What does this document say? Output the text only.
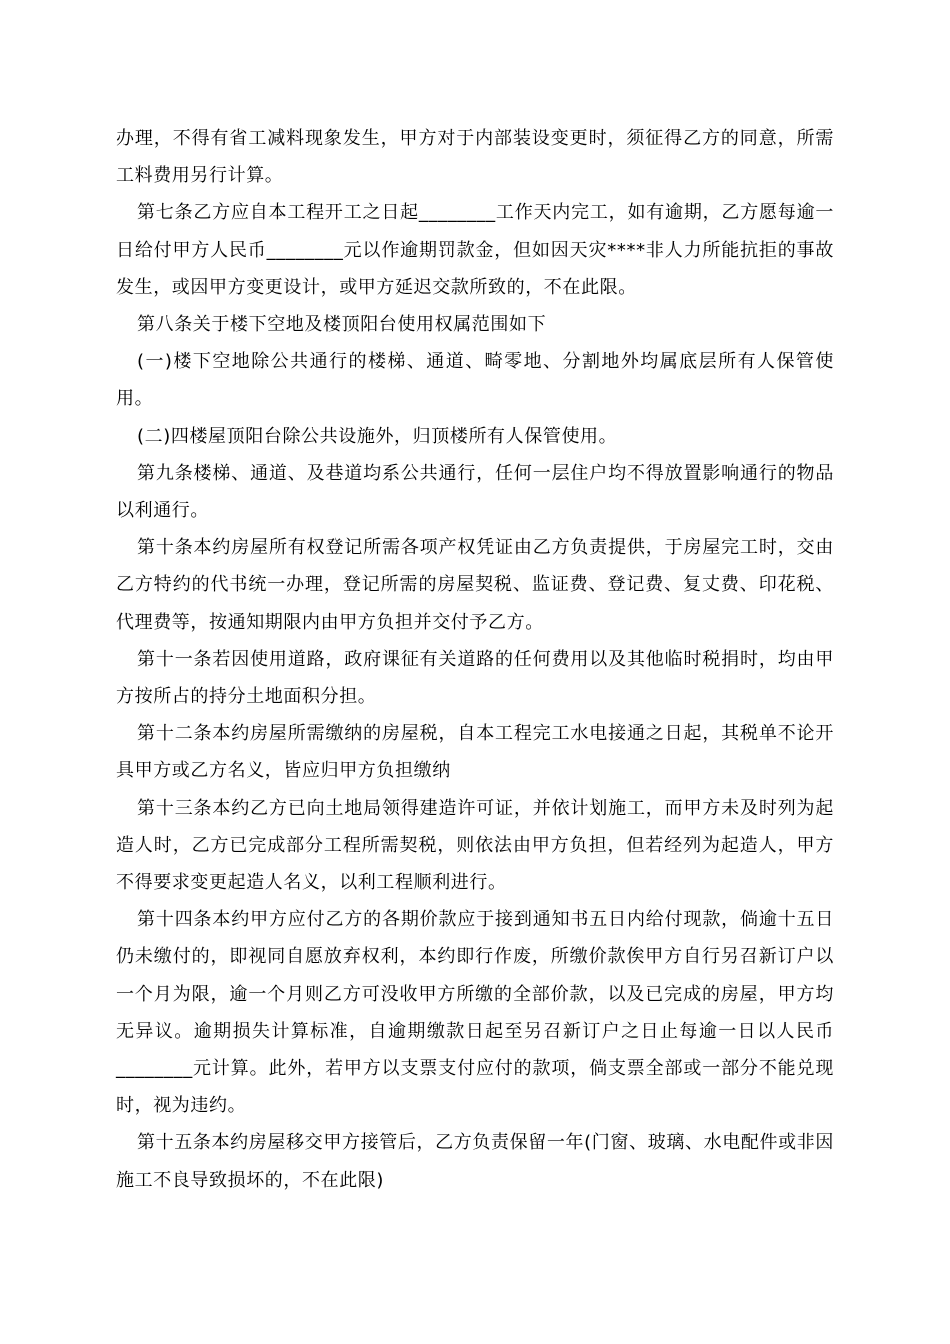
办理，不得有省工减料现象发生，甲方对于内部装设变更时，须征得乙方的同意，所需工料费用另行计算。

第七条乙方应自本工程开工之日起________工作天内完工，如有逾期，乙方愿每逾一日给付甲方人民币________元以作逾期罚款金，但如因天灾****非人力所能抗拒的事故发生，或因甲方变更设计，或甲方延迟交款所致的，不在此限。

第八条关于楼下空地及楼顶阳台使用权属范围如下

(一)楼下空地除公共通行的楼梯、通道、畸零地、分割地外均属底层所有人保管使用。

(二)四楼屋顶阳台除公共设施外，归顶楼所有人保管使用。

第九条楼梯、通道、及巷道均系公共通行，任何一层住户均不得放置影响通行的物品以利通行。

第十条本约房屋所有权登记所需各项产权凭证由乙方负责提供，于房屋完工时，交由乙方特约的代书统一办理，登记所需的房屋契税、监证费、登记费、复丈费、印花税、代理费等，按通知期限内由甲方负担并交付予乙方。

第十一条若因使用道路，政府课征有关道路的任何费用以及其他临时税捐时，均由甲方按所占的持分土地面积分担。

第十二条本约房屋所需缴纳的房屋税，自本工程完工水电接通之日起，其税单不论开具甲方或乙方名义，皆应归甲方负担缴纳

第十三条本约乙方已向土地局领得建造许可证，并依计划施工，而甲方未及时列为起造人时，乙方已完成部分工程所需契税，则依法由甲方负担，但若经列为起造人，甲方不得要求变更起造人名义，以利工程顺利进行。

第十四条本约甲方应付乙方的各期价款应于接到通知书五日内给付现款，倘逾十五日仍未缴付的，即视同自愿放弃权利，本约即行作废，所缴价款俟甲方自行另召新订户以一个月为限，逾一个月则乙方可没收甲方所缴的全部价款，以及已完成的房屋，甲方均无异议。逾期损失计算标准，自逾期缴款日起至另召新订户之日止每逾一日以人民币________元计算。此外，若甲方以支票支付应付的款项，倘支票全部或一部分不能兑现时，视为违约。

第十五条本约房屋移交甲方接管后，乙方负责保留一年(门窗、玻璃、水电配件或非因施工不良导致损坏的，不在此限)
